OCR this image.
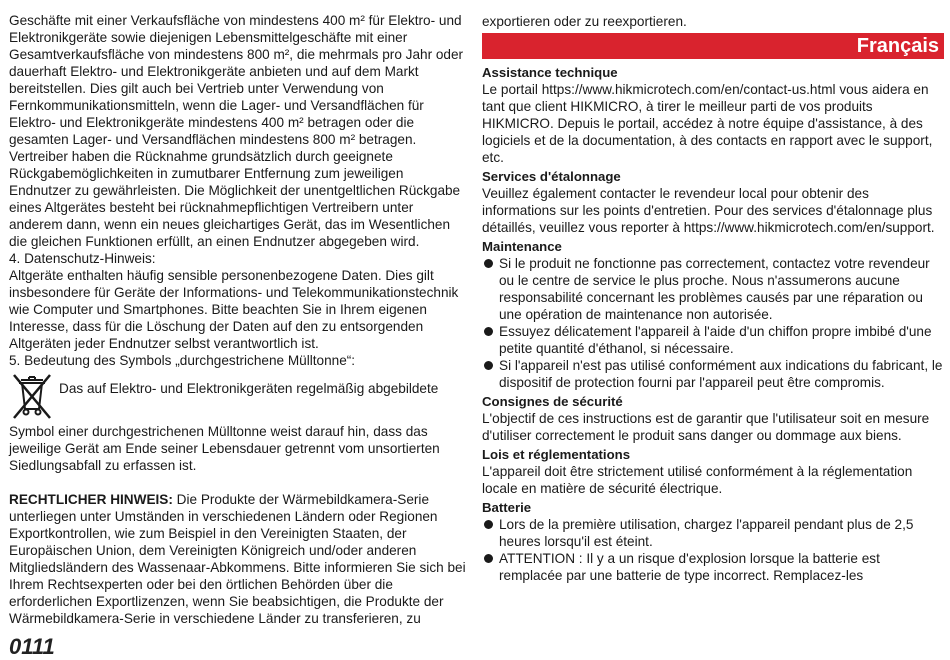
Geschäfte mit einer Verkaufsfläche von mindestens 400 m² für Elektro- und Elektronikgeräte sowie diejenigen Lebensmittelgeschäfte mit einer Gesamtverkaufsfläche von mindestens 800 m², die mehrmals pro Jahr oder dauerhaft Elektro- und Elektronikgeräte anbieten und auf dem Markt bereitstellen. Dies gilt auch bei Vertrieb unter Verwendung von Fernkommunikationsmitteln, wenn die Lager- und Versandflächen für Elektro- und Elektronikgeräte mindestens 400 m² betragen oder die gesamten Lager- und Versandflächen mindestens 800 m² betragen. Vertreiber haben die Rücknahme grundsätzlich durch geeignete Rückgabemöglichkeiten in zumutbarer Entfernung zum jeweiligen Endnutzer zu gewährleisten. Die Möglichkeit der unentgeltlichen Rückgabe eines Altgerätes besteht bei rücknahmepflichtigen Vertreibern unter anderem dann, wenn ein neues gleichartiges Gerät, das im Wesentlichen die gleichen Funktionen erfüllt, an einen Endnutzer abgegeben wird.

4. Datenschutz-Hinweis:

Altgeräte enthalten häufig sensible personenbezogene Daten. Dies gilt insbesondere für Geräte der Informations- und Telekommunikationstechnik wie Computer und Smartphones. Bitte beachten Sie in Ihrem eigenen Interesse, dass für die Löschung der Daten auf den zu entsorgenden Altgeräten jeder Endnutzer selbst verantwortlich ist.

5. Bedeutung des Symbols „durchgestrichene Mülltonne“:

Das auf Elektro- und Elektronikgeräten regelmäßig abgebildete

Symbol einer durchgestrichenen Mülltonne weist darauf hin, dass das jeweilige Gerät am Ende seiner Lebensdauer getrennt vom unsortierten Siedlungsabfall zu erfassen ist.

RECHTLICHER HINWEIS: Die Produkte der Wärmebildkamera-Serie unterliegen unter Umständen in verschiedenen Ländern oder Regionen Exportkontrollen, wie zum Beispiel in den Vereinigten Staaten, der Europäischen Union, dem Vereinigten Königreich und/oder anderen Mitgliedsländern des Wassenaar-Abkommens. Bitte informieren Sie sich bei Ihrem Rechtsexperten oder bei den örtlichen Behörden über die erforderlichen Exportlizenzen, wenn Sie beabsichtigen, die Produkte der Wärmebildkamera-Serie in verschiedene Länder zu transferieren, zu

exportieren oder zu reexportieren.

Français
Assistance technique

Le portail https://www.hikmicrotech.com/en/contact-us.html vous aidera en tant que client HIKMICRO, à tirer le meilleur parti de vos produits HIKMICRO. Depuis le portail, accédez à notre équipe d'assistance, à des logiciels et de la documentation, à des contacts en rapport avec le support, etc.

Services d'étalonnage

Veuillez également contacter le revendeur local pour obtenir des informations sur les points d'entretien. Pour des services d'étalonnage plus détaillés, veuillez vous reporter à https://www.hikmicrotech.com/en/support.

Maintenance
Si le produit ne fonctionne pas correctement, contactez votre revendeur ou le centre de service le plus proche. Nous n'assumerons aucune responsabilité concernant les problèmes causés par une réparation ou une opération de maintenance non autorisée.
Essuyez délicatement l'appareil à l'aide d'un chiffon propre imbibé d'une petite quantité d'éthanol, si nécessaire.
Si l'appareil n'est pas utilisé conformément aux indications du fabricant, le dispositif de protection fourni par l'appareil peut être compromis.
Consignes de sécurité

L'objectif de ces instructions est de garantir que l'utilisateur soit en mesure d'utiliser correctement le produit sans danger ou dommage aux biens.

Lois et réglementations

L'appareil doit être strictement utilisé conformément à la réglementation locale en matière de sécurité électrique.

Batterie
Lors de la première utilisation, chargez l'appareil pendant plus de 2,5 heures lorsqu'il est éteint.
ATTENTION : Il y a un risque d'explosion lorsque la batterie est remplacée par une batterie de type incorrect. Remplacez-les
0111
